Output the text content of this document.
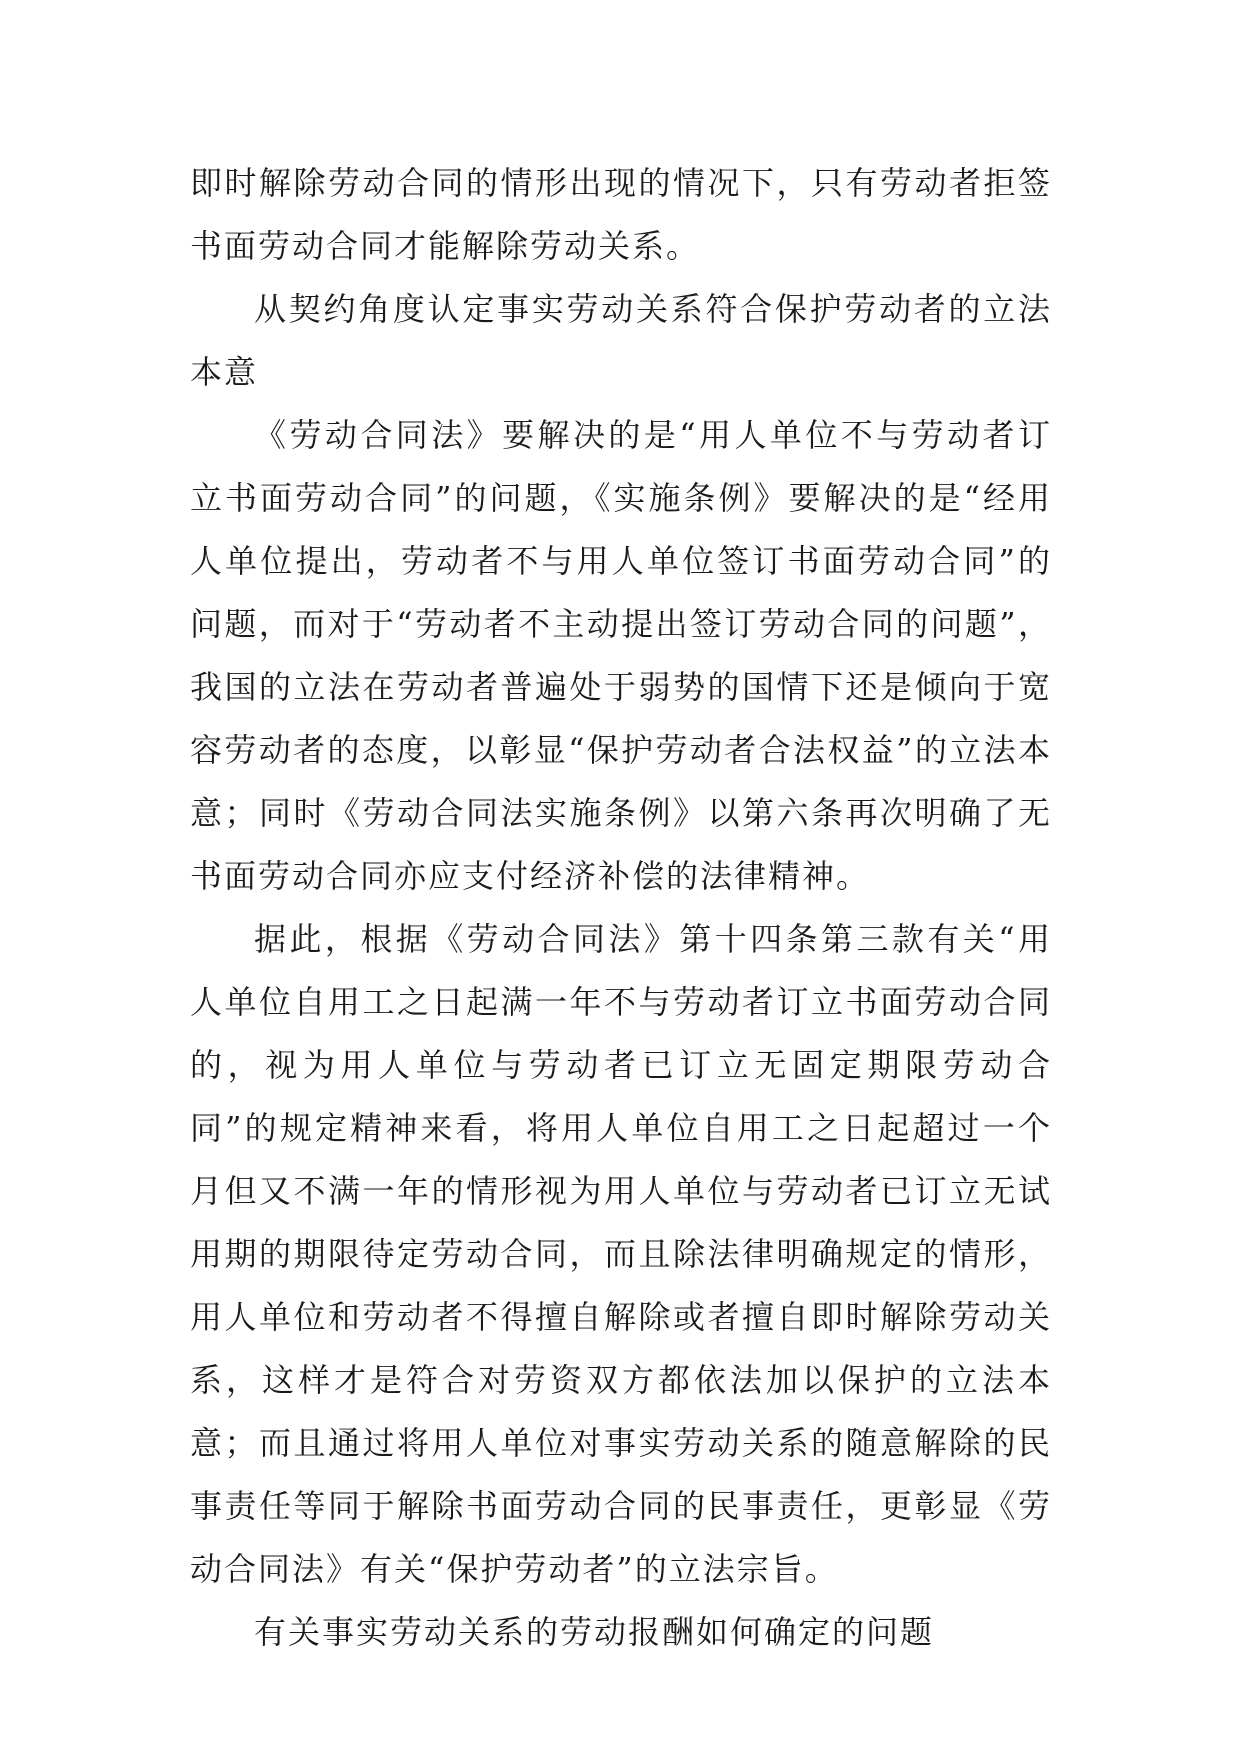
即时解除劳动合同的情形出现的情况下，只有劳动者拒签书面劳动合同才能解除劳动关系。

从契约角度认定事实劳动关系符合保护劳动者的立法本意

《劳动合同法》要解决的是“用人单位不与劳动者订立书面劳动合同”的问题，《实施条例》要解决的是“经用人单位提出，劳动者不与用人单位签订书面劳动合同”的问题，而对于“劳动者不主动提出签订劳动合同的问题”，我国的立法在劳动者普遍处于弱势的国情下还是倾向于宽容劳动者的态度，以彰显“保护劳动者合法权益”的立法本意；同时《劳动合同法实施条例》以第六条再次明确了无书面劳动合同亦应支付经济补偿的法律精神。

据此，根据《劳动合同法》第十四条第三款有关“用人单位自用工之日起满一年不与劳动者订立书面劳动合同的，视为用人单位与劳动者已订立无固定期限劳动合同”的规定精神来看，将用人单位自用工之日起超过一个月但又不满一年的情形视为用人单位与劳动者已订立无试用期的期限待定劳动合同，而且除法律明确规定的情形，用人单位和劳动者不得擅自解除或者擅自即时解除劳动关系，这样才是符合对劳资双方都依法加以保护的立法本意；而且通过将用人单位对事实劳动关系的随意解除的民事责任等同于解除书面劳动合同的民事责任，更彰显《劳动合同法》有关“保护劳动者”的立法宗旨。

有关事实劳动关系的劳动报酬如何确定的问题
